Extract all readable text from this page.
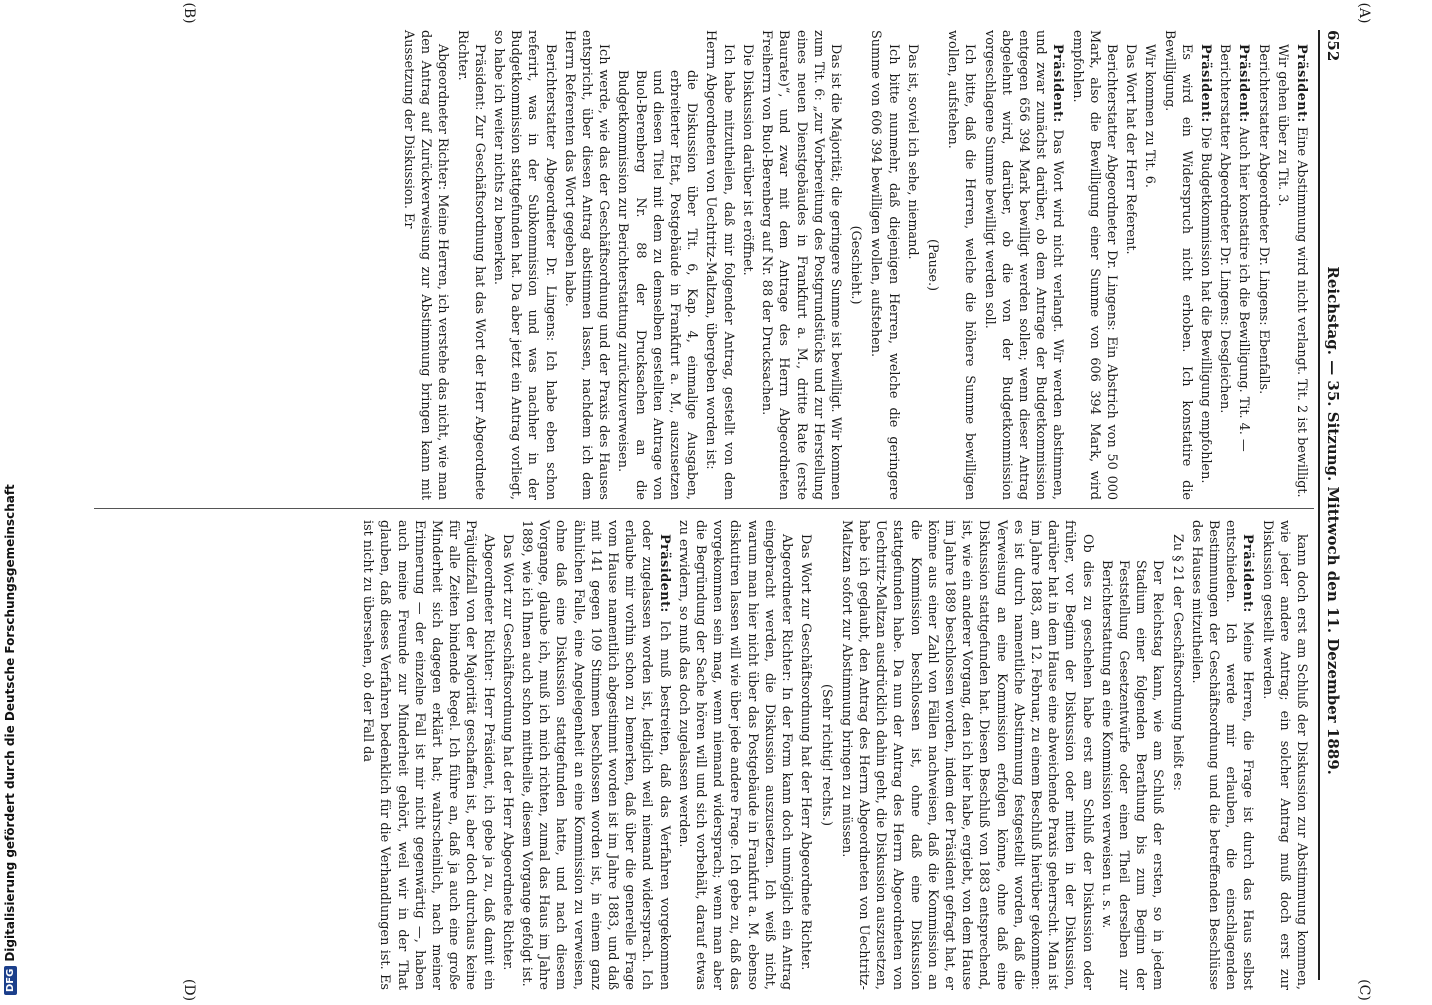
652
Reichstag. — 35. Sitzung. Mittwoch den 11. Dezember 1889.
(A)
(B)
(C)
(D)

Präsident: Eine Abstimmung wird nicht verlangt. Tit. 2 ist bewilligt.

Wir gehen über zu Tit. 3.

Berichterstatter Abgeordneter Dr. Lingens: Ebenfalls.

Präsident: Auch hier konstatire ich die Bewilligung. Tit. 4. —

Berichterstatter Abgeordneter Dr. Lingens: Desgleichen.

Präsident: Die Budgetkommission hat die Bewilligung empfohlen.

Es wird ein Widerspruch nicht erhoben. Ich konstatire die Bewilligung.

Wir kommen zu Tit. 6.

Das Wort hat der Herr Referent.

Berichterstatter Abgeordneter Dr. Lingens: Ein Abstrich von 50 000 Mark, also die Bewilligung einer Summe von 606 394 Mark, wird empfohlen.

Präsident: Das Wort wird nicht verlangt. Wir werden abstimmen, und zwar zunächst darüber, ob dem Antrage der Budgetkommission entgegen 656 394 Mark bewilligt werden sollen; wenn dieser Antrag abgelehnt wird, darüber, ob die von der Budgetkommission vorgeschlagene Summe bewilligt werden soll.

Ich bitte, daß die Herren, welche die höhere Summe bewilligen wollen, aufstehen.

(Pause.)

Das ist, soviel ich sehe, niemand.

Ich bitte nunmehr, daß diejenigen Herren, welche die geringere Summe von 606 394 bewilligen wollen, aufstehen.

(Geschieht.)

Das ist die Majorität; die geringere Summe ist bewilligt. Wir kommen zum Tit. 6: „zur Vorbereitung des Postgrundstücks und zur Herstellung eines neuen Dienstgebäudes in Frankfurt a. M., dritte Rate (erste Baurate)“, und zwar mit dem Antrage des Herrn Abgeordneten Freiherrn von Buol-Berenberg auf Nr. 88 der Drucksachen.

Die Diskussion darüber ist eröffnet.

Ich habe mitzutheilen, daß mir folgender Antrag, gestellt von dem Herrn Abgeordneten von Uechtritz-Maltzan, übergeben worden ist:

die Diskussion über Tit. 6, Kap. 4, einmalige Ausgaben, erbreiterter Etat, Postgebäude in Frankfurt a. M., auszusetzen und diesen Titel mit dem zu demselben gestellten Antrage von Buol-Berenberg Nr. 88 der Drucksachen an die Budgetkommission zur Berichterstattung zurückzuverweisen.

Ich werde, wie das der Geschäftsordnung und der Praxis des Hauses entspricht, über diesen Antrag abstimmen lassen, nachdem ich dem Herrn Referenten das Wort gegeben habe.

Berichterstatter Abgeordneter Dr. Lingens: Ich habe eben schon referirt, was in der Subkommission und was nachher in der Budgetkommission stattgefunden hat. Da aber jetzt ein Antrag vorliegt, so habe ich weiter nichts zu bemerken.

Präsident: Zur Geschäftsordnung hat das Wort der Herr Abgeordnete Richter.

Abgeordneter Richter: Meine Herren, ich verstehe das nicht, wie man den Antrag auf Zurückverweisung zur Abstimmung bringen kann mit Aussetzung der Diskussion. Er

kann doch erst am Schluß der Diskussion zur Abstimmung kommen, wie jeder andere Antrag; ein solcher Antrag muß doch erst zur Diskussion gestellt werden.

Präsident: Meine Herren, die Frage ist durch das Haus selbst entschieden. Ich werde mir erlauben, die einschlagenden Bestimmungen der Geschäftsordnung und die betreffenden Beschlüsse des Hauses mitzutheilen.

Zu § 21 der Geschäftsordnung heißt es:

Der Reichstag kann, wie am Schluß der ersten, so in jedem Stadium einer folgenden Berathung bis zum Beginn der Feststellung Gesetzentwürfe oder einen Theil derselben zur Berichterstattung an eine Kommission verweisen u. s. w.

Ob dies zu geschehen habe erst am Schluß der Diskussion oder früher, vor Beginn der Diskussion oder mitten in der Diskussion, darüber hat in dem Hause eine abweichende Praxis geherrscht. Man ist im Jahre 1883, am 12. Februar, zu einem Beschluß hierüber gekommen: es ist durch namentliche Abstimmung festgestellt worden, daß die Verweisung an eine Kommission erfolgen könne, ohne daß eine Diskussion stattgefunden hat. Diesen Beschluß von 1883 entsprechend, ist, wie ein anderer Vorgang, den ich hier habe, ergiebt, von dem Hause im Jahre 1889 beschlossen worden, indem der Präsident gefragt hat, er könne aus einer Zahl von Fällen nachweisen, daß die Kommission an die Kommission beschlossen ist, ohne daß eine Diskussion stattgefunden habe. Da nun der Antrag des Herrn Abgeordneten von Uechtritz-Maltzan ausdrücklich dahin geht, die Diskussion auszusetzen, habe ich geglaubt, den Antrag des Herrn Abgeordneten von Uechtritz-Maltzan sofort zur Abstimmung bringen zu müssen.

(Sehr richtig! rechts.)

Das Wort zur Geschäftsordnung hat der Herr Abgeordnete Richter.

Abgeordneter Richter: In der Form kann doch unmöglich ein Antrag eingebracht werden, die Diskussion auszusetzen. Ich weiß nicht, warum man hier nicht über das Postgebäude in Frankfurt a. M. ebenso diskutiren lassen will wie über jede andere Frage. Ich gebe zu, daß das vorgekommen sein mag, wenn niemand widersprach; wenn man aber die Begründung der Sache hören will und sich vorbehält, darauf etwas zu erwidern, so muß das doch zugelassen werden.

Präsident: Ich muß bestreiten, daß das Verfahren vorgekommen oder zugelassen worden ist, lediglich weil niemand widersprach. Ich erlaube mir vorhin schon zu bemerken, daß über die generelle Frage vom Hause namentlich abgestimmt worden ist im Jahre 1883, und daß mit 141 gegen 109 Stimmen beschlossen worden ist, in einem ganz ähnlichen Falle, eine Angelegenheit an eine Kommission zu verweisen, ohne daß eine Diskussion stattgefunden hatte, und nach diesem Vorgange, glaube ich, muß ich mich richten, zumal das Haus im Jahre 1889, wie ich Ihnen auch schon mittheilte, diesem Vorgange gefolgt ist.

Das Wort zur Geschäftsordnung hat der Herr Abgeordnete Richter.

Abgeordneter Richter: Herr Präsident, ich gebe ja zu, daß damit ein Präjudizfall von der Majorität geschaffen ist, aber doch durchaus keine für alle Zeiten bindende Regel. Ich führe an, daß ja auch eine große Minderheit sich dagegen erklärt hat; wahrscheinlich, nach meiner Erinnerung — der einzelne Fall ist mir nicht gegenwärtig —, haben auch meine Freunde zur Minderheit gehört, weil wir in der That glauben, daß dieses Verfahren bedenklich für die Verhandlungen ist. Es ist nicht zu übersehen, ob der Fall da

DFG
Digitalisierung gefördert durch die Deutsche Forschungsgemeinschaft
